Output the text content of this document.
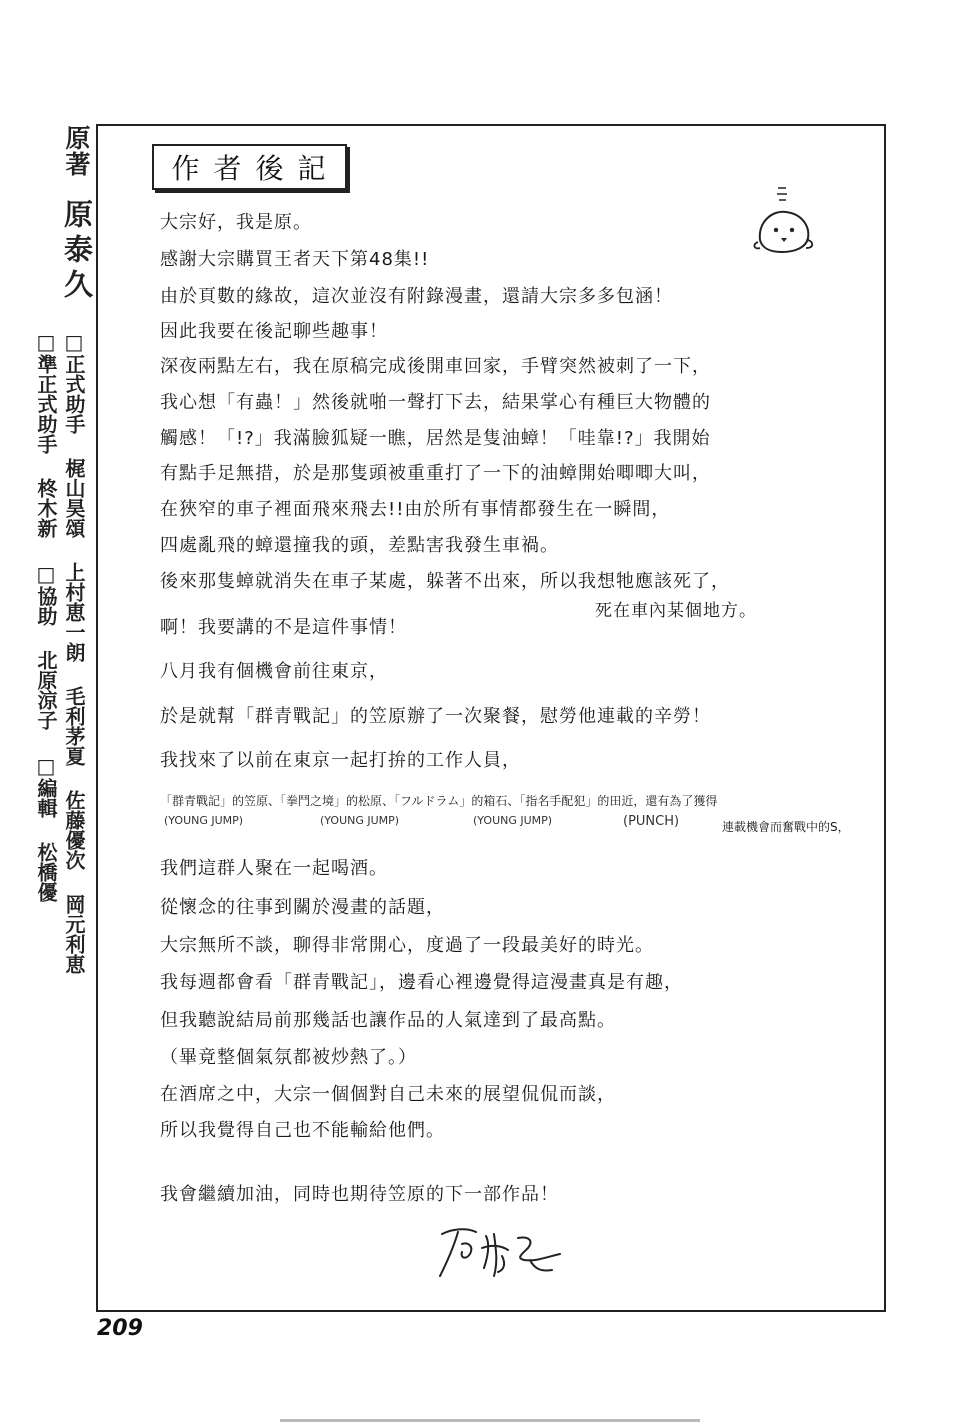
原著
原泰久
□正式助手 梶山昊頌 上村恵一朗 毛利茅夏 佐藤優次 岡元利恵
□準正式助手 柊木新 □協助 北原涼子 □編輯 松橋優
作者後記
大宗好，我是原。
感謝大宗購買王者天下第48集!!
由於頁數的緣故，這次並沒有附錄漫畫，還請大宗多多包涵！
因此我要在後記聊些趣事！
深夜兩點左右，我在原稿完成後開車回家，手臂突然被刺了一下，
我心想「有蟲！」然後就啪一聲打下去，結果掌心有種巨大物體的
觸感！「!?」我滿臉狐疑一瞧，居然是隻油蟑！「哇靠!?」我開始
有點手足無措，於是那隻頭被重重打了一下的油蟑開始唧唧大叫，
在狹窄的車子裡面飛來飛去!!由於所有事情都發生在一瞬間，
四處亂飛的蟑還撞我的頭，差點害我發生車禍。
後來那隻蟑就消失在車子某處，躲著不出來，所以我想牠應該死了，
死在車內某個地方。
啊！我要講的不是這件事情！
八月我有個機會前往東京，
於是就幫「群青戰記」的笠原辦了一次聚餐，慰勞他連載的辛勞！
我找來了以前在東京一起打拚的工作人員，
「群青戰記」的笠原、「拳鬥之境」的松原、「フルドラム」的箱石、「指名手配犯」的田近，還有為了獲得
(YOUNG JUMP)	(YOUNG JUMP)	(YOUNG JUMP)	(PUNCH)	連載機會而奮戰中的S，
我們這群人聚在一起喝酒。
從懷念的往事到關於漫畫的話題，
大宗無所不談，聊得非常開心，度過了一段最美好的時光。
我每週都會看「群青戰記」，邊看心裡邊覺得這漫畫真是有趣，
但我聽說結局前那幾話也讓作品的人氣達到了最高點。
（畢竟整個氣氛都被炒熱了。）
在酒席之中，大宗一個個對自己未來的展望侃侃而談，
所以我覺得自己也不能輸給他們。
我會繼續加油，同時也期待笠原的下一部作品！
209
